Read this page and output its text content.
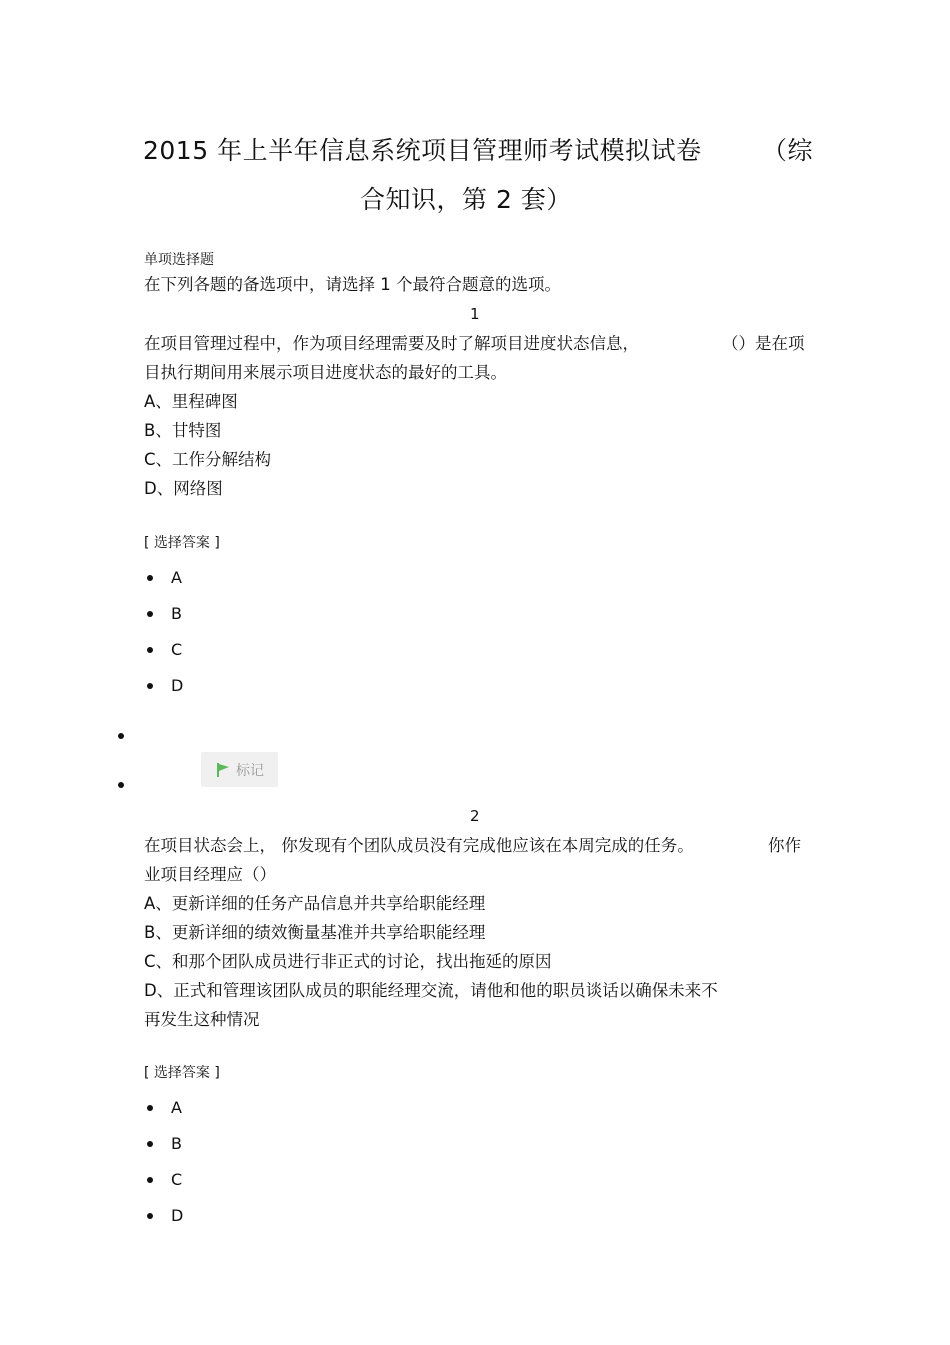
2015 年上半年信息系统项目管理师考试模拟试卷 （综
合知识，第 2 套）
单项选择题
在下列各题的备选项中，请选择 1 个最符合题意的选项。
1
在项目管理过程中，作为项目经理需要及时了解项目进度状态信息，	（）是在项
目执行期间用来展示项目进度状态的最好的工具。
A、里程碑图
B、甘特图
C、工作分解结构
D、网络图
[ 选择答案 ]
A
B
C
D
标记
2
在项目状态会上， 你发现有个团队成员没有完成他应该在本周完成的任务。	你作
业项目经理应（）
A、更新详细的任务产品信息并共享给职能经理
B、更新详细的绩效衡量基准并共享给职能经理
C、和那个团队成员进行非正式的讨论，找出拖延的原因
D、正式和管理该团队成员的职能经理交流，请他和他的职员谈话以确保未来不
再发生这种情况
[ 选择答案 ]
A
B
C
D
